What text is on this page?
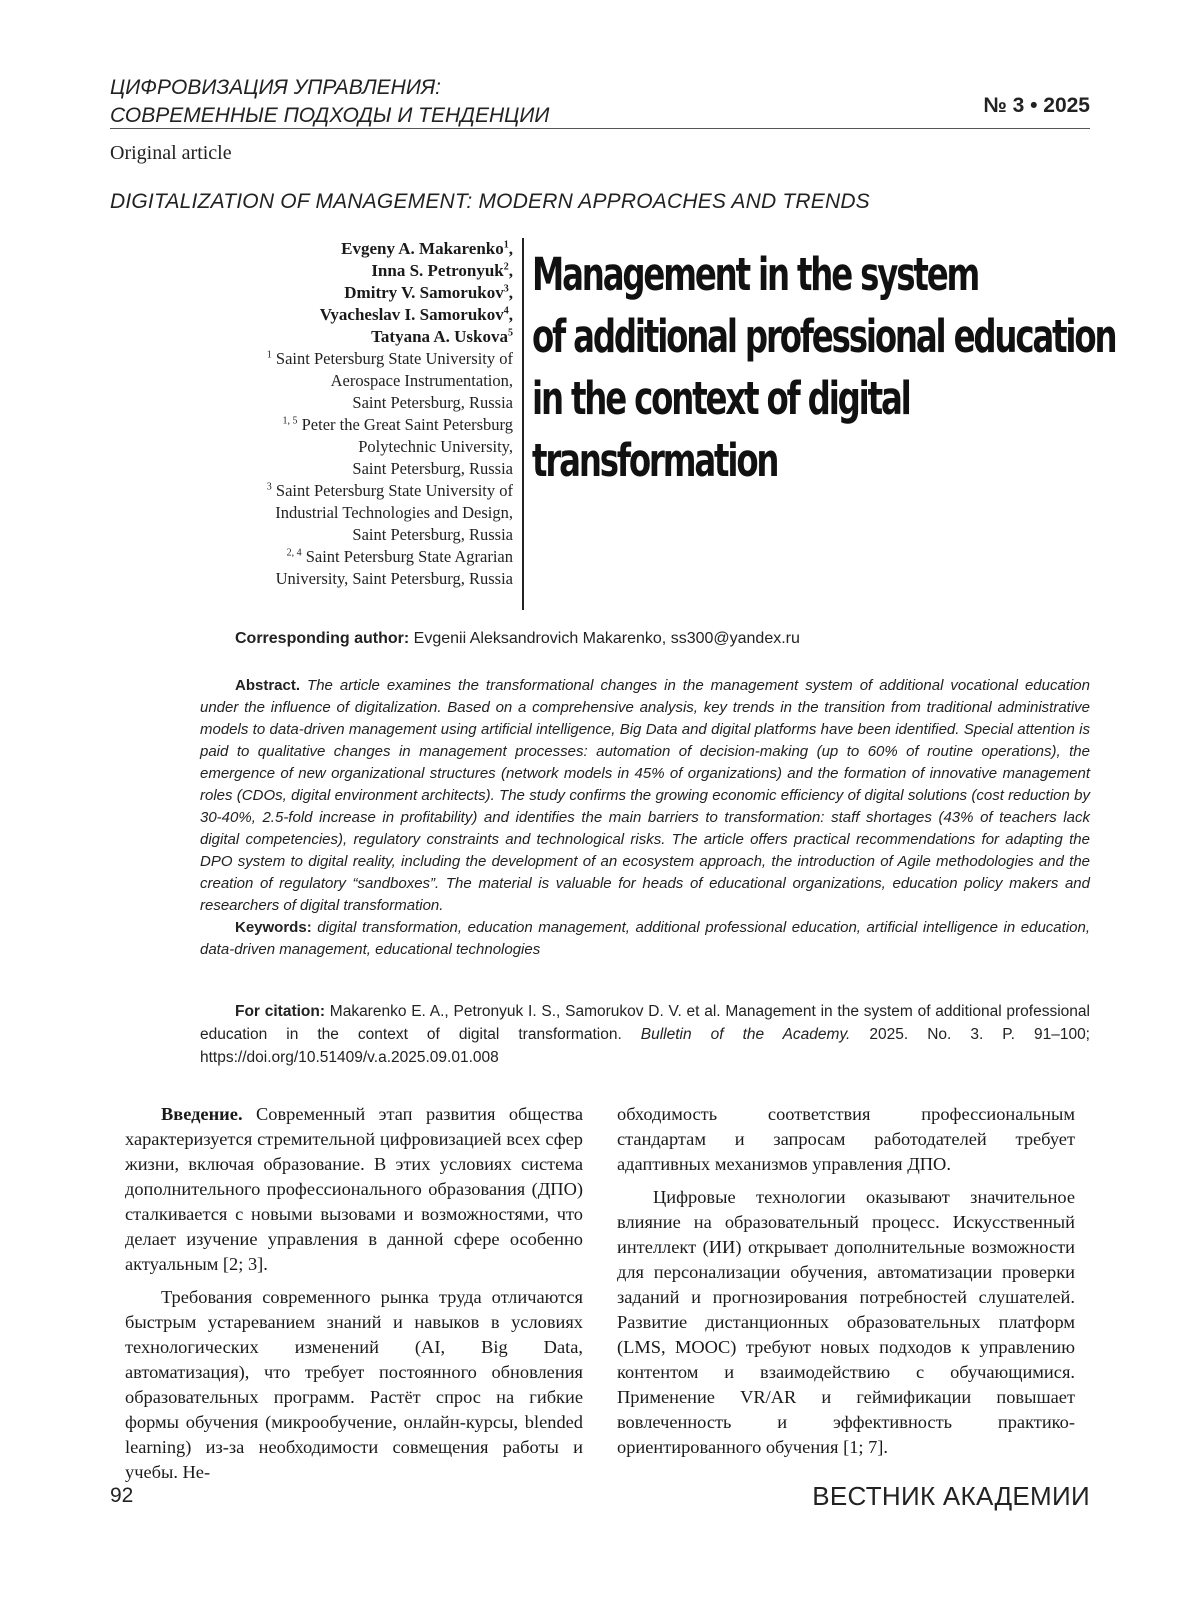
ЦИФРОВИЗАЦИЯ УПРАВЛЕНИЯ:
СОВРЕМЕННЫЕ ПОДХОДЫ И ТЕНДЕНЦИИ	№ 3 • 2025
Original article
DIGITALIZATION OF MANAGEMENT: MODERN APPROACHES AND TRENDS
Evgeny A. Makarenko$^1$,
Inna S. Petronyuk$^2$,
Dmitry V. Samorukov$^3$,
Vyacheslav I. Samorukov$^4$,
Tatyana A. Uskova$^5$
$^1$ Saint Petersburg State University of
Aerospace Instrumentation,
Saint Petersburg, Russia
$^{1, 5}$ Peter the Great Saint Petersburg
Polytechnic University,
Saint Petersburg, Russia
$^3$ Saint Petersburg State University of
Industrial Technologies and Design,
Saint Petersburg, Russia
$^{2, 4}$ Saint Petersburg State Agrarian
University, Saint Petersburg, Russia
Management in the system
of additional professional education
in the context of digital
transformation
Corresponding author: Evgenii Aleksandrovich Makarenko, ss300@yandex.ru

Abstract. The article examines the transformational changes in the management system of additional vocational education under the influence of digitalization. Based on a comprehensive analysis, key trends in the transition from traditional administrative models to data-driven management using artificial intelligence, Big Data and digital platforms have been identified. Special attention is paid to qualitative changes in management processes: automation of decision-making (up to 60% of routine operations), the emergence of new organizational structures (network models in 45% of organizations) and the formation of innovative management roles (CDOs, digital environment architects). The study confirms the growing economic efficiency of digital solutions (cost reduction by 30-40%, 2.5-fold increase in profitability) and identifies the main barriers to transformation: staff shortages (43% of teachers lack digital competencies), regulatory constraints and technological risks. The article offers practical recommendations for adapting the DPO system to digital reality, including the development of an ecosystem approach, the introduction of Agile methodologies and the creation of regulatory “sandboxes”. The material is valuable for heads of educational organizations, education policy makers and researchers of digital transformation.

Keywords: digital transformation, education management, additional professional education, artificial intelligence in education, data-driven management, educational technologies

For citation: Makarenko E. A., Petronyuk I. S., Samorukov D. V. et al. Management in the system of additional professional education in the context of digital transformation. Bulletin of the Academy. 2025. No. 3. P. 91–100; https://doi.org/10.51409/v.a.2025.09.01.008

Введение. Современный этап развития общества характеризуется стремительной цифровизацией всех сфер жизни, включая образование. В этих условиях система дополнительного профессионального образования (ДПО) сталкивается с новыми вызовами и возможностями, что делает изучение управления в данной сфере особенно актуальным [2; 3].

Требования современного рынка труда отличаются быстрым устареванием знаний и навыков в условиях технологических изменений (AI, Big Data, автоматизация), что требует постоянного обновления образовательных программ. Растёт спрос на гибкие формы обучения (микрообучение, онлайн-курсы, blended learning) из-за необходимости совмещения работы и учебы. Не-

обходимость соответствия профессиональным стандартам и запросам работодателей требует адаптивных механизмов управления ДПО.

Цифровые технологии оказывают значительное влияние на образовательный процесс. Искусственный интеллект (ИИ) открывает дополнительные возможности для персонализации обучения, автоматизации проверки заданий и прогнозирования потребностей слушателей. Развитие дистанционных образовательных платформ (LMS, MOOC) требуют новых подходов к управлению контентом и взаимодействию с обучающимися. Применение VR/AR и геймификации повышает вовлеченность и эффективность практико-ориентированного обучения [1; 7].

92	ВЕСТНИК АКАДЕМИИ
